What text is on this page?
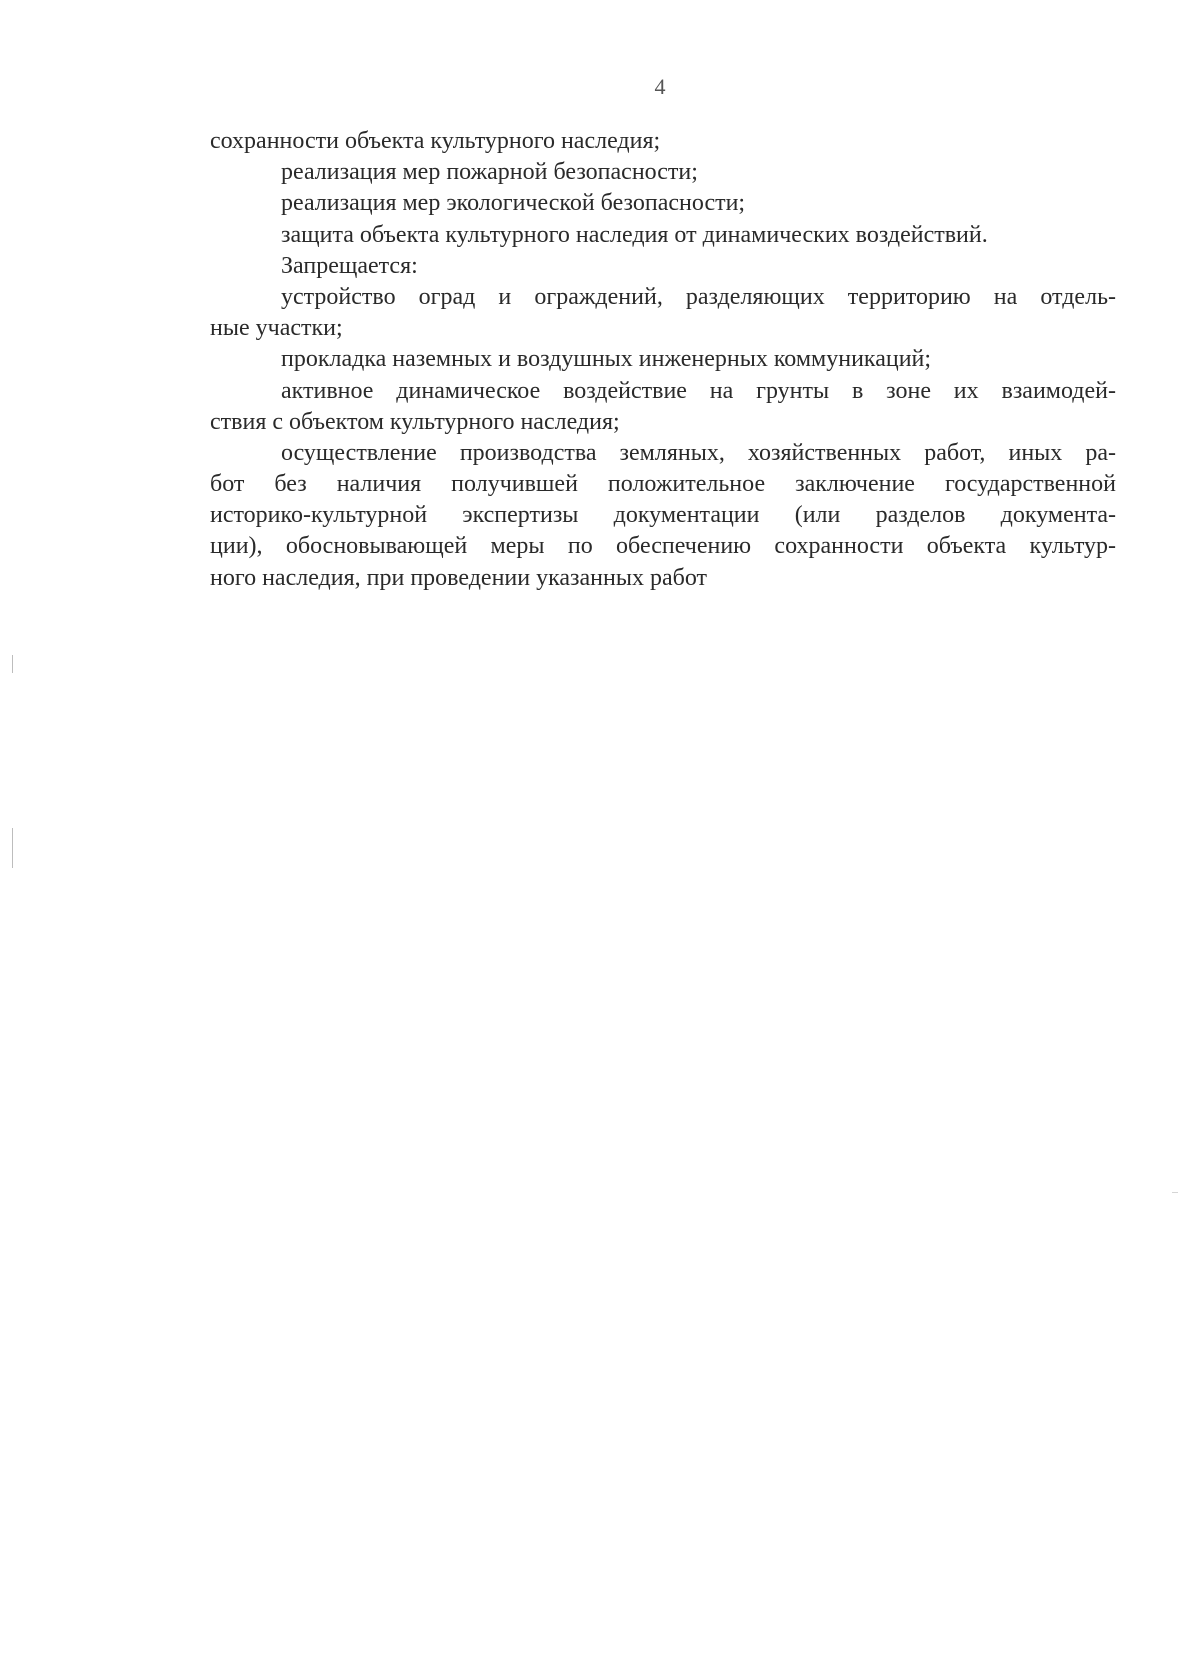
4
сохранности объекта культурного наследия;
реализация мер пожарной безопасности;
реализация мер экологической безопасности;
защита объекта культурного наследия от динамических воздействий.
Запрещается:
устройство оград и ограждений, разделяющих территорию на отдель-
ные участки;
прокладка наземных и воздушных инженерных коммуникаций;
активное динамическое воздействие на грунты в зоне их взаимодей-
ствия с объектом культурного наследия;
осуществление производства земляных, хозяйственных работ, иных ра-
бот без наличия получившей положительное заключение государственной
историко-культурной экспертизы документации (или разделов документа-
ции), обосновывающей меры по обеспечению сохранности объекта культур-
ного наследия, при проведении указанных работ
